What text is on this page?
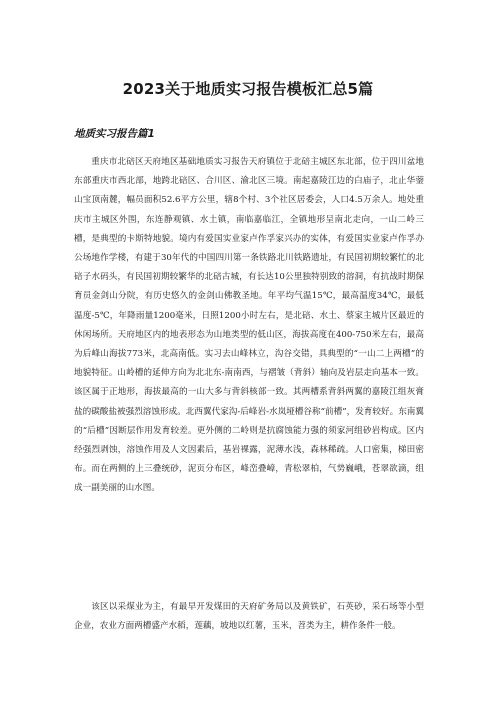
2023关于地质实习报告模板汇总5篇
地质实习报告篇1

重庆市北碚区天府地区基础地质实习报告天府镇位于北碚主城区东北部，位于四川盆地东部重庆市西北部，地跨北碚区、合川区、渝北区三境。南起嘉陵江边的白庙子，北止华蓥山宝顶南麓，幅员面积52.6平方公里，辖8个村、3个社区居委会，人口4.5万余人。地处重庆市主城区外围，东连静观镇、水土镇，南临嘉临江，全镇地形呈南北走向，一山二岭三槽，是典型的卡斯特地貌。境内有爱国实业家卢作孚家兴办的实体，有爱国实业家卢作孚办公场地作学楼，有建于30年代的中国四川第一条铁路北川铁路遗址，有民国初期较繁忙的北碚子水码头，有民国初期较繁华的北碚古城，有长达10公里独特别致的溶洞，有抗战时期保育员金剑山分院，有历史悠久的金剑山佛教圣地。年平均气温15℃，最高温度34℃，最低温度-5℃，年降雨量1200毫米，日照1200小时左右，是北碚、水土、蔡家主城片区最近的休闲场所。天府地区内的地表形态为山地类型的低山区，海拔高度在400-750米左右，最高为后峰山海拔773米，北高南低。实习去山峰林立，沟谷交错，具典型的“一山二上两槽”的地貌特征。山岭槽的延伸方向为北北东-南南西，与褶皱（背斜）轴向及岩层走向基本一致。该区属于正地形，海拔最高的一山大多与背斜核部一致。其两槽系背斜两翼的嘉陵江组灰膏盐的碳酸盐被强烈溶蚀形成。北西翼代家沟-后峰岩-水岚垭槽谷称“前槽”，发育较好。东南翼的“后槽”因断层作用发育较差。更外侧的二岭则是抗腐蚀能力强的须家河组砂岩构成。区内经强烈剥蚀，溶蚀作用及人文因素后，基岩裸露，泥薄水浅，森林稀疏。人口密集，梯田密布。而在两侧的上三叠统砂，泥页分布区，峰峦叠嶂，青松翠柏，气势巍峨，苍翠欲滴，组成一副美丽的山水图。

该区以采煤业为主，有最早开发煤田的天府矿务局以及黄铁矿，石英砂，采石场等小型企业，农业方面两槽盛产水稻，莲藕，坡地以红薯，玉米，苕类为主，耕作条件一般。
